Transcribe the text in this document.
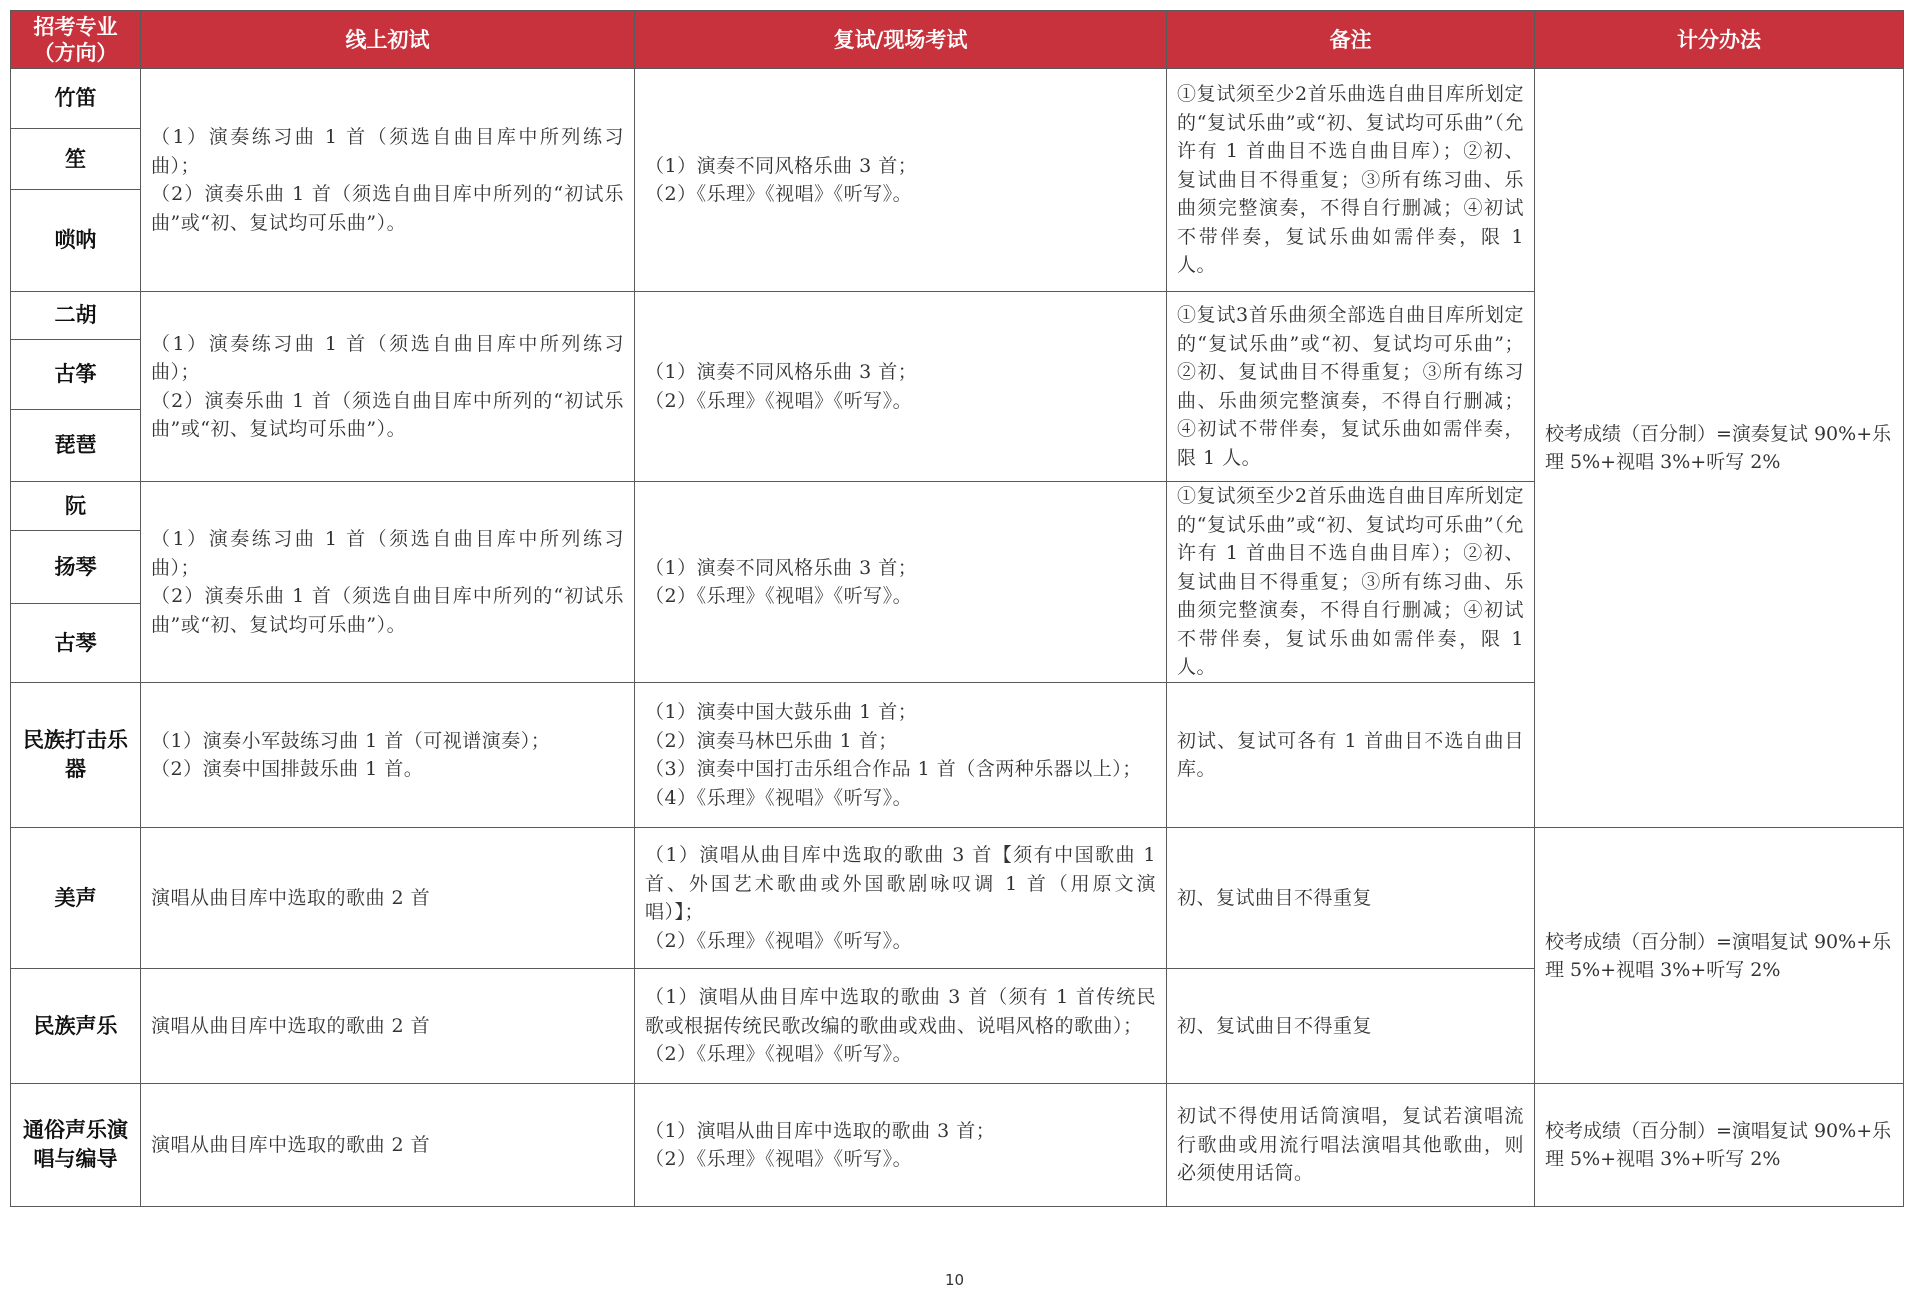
招考专业
（方向）	线上初试	复试/现场考试	备注	计分办法
竹笛	（1）演奏练习曲 1 首（须选自曲目库中所列练习曲）；
（2）演奏乐曲 1 首（须选自曲目库中所列的“初试乐曲”或“初、复试均可乐曲”）。	（1）演奏不同风格乐曲 3 首；
（2）《乐理》《视唱》《听写》。	①复试须至少2首乐曲选自曲目库所划定的“复试乐曲”或“初、复试均可乐曲”（允许有 1 首曲目不选自曲目库）；②初、复试曲目不得重复；③所有练习曲、乐曲须完整演奏，不得自行删减；④初试不带伴奏，复试乐曲如需伴奏，限 1 人。	校考成绩（百分制）=演奏复试 90%+乐理 5%+视唱 3%+听写 2%
笙				
唢呐				
二胡	（1）演奏练习曲 1 首（须选自曲目库中所列练习曲）；
（2）演奏乐曲 1 首（须选自曲目库中所列的“初试乐曲”或“初、复试均可乐曲”）。	（1）演奏不同风格乐曲 3 首；
（2）《乐理》《视唱》《听写》。	①复试3首乐曲须全部选自曲目库所划定的“复试乐曲”或“初、复试均可乐曲”；②初、复试曲目不得重复；③所有练习曲、乐曲须完整演奏，不得自行删减；④初试不带伴奏，复试乐曲如需伴奏，限 1 人。	

古筝				
琵琶				
阮	（1）演奏练习曲 1 首（须选自曲目库中所列练习曲）；
（2）演奏乐曲 1 首（须选自曲目库中所列的“初试乐曲”或“初、复试均可乐曲”）。	（1）演奏不同风格乐曲 3 首；
（2）《乐理》《视唱》《听写》。	①复试须至少2首乐曲选自曲目库所划定的“复试乐曲”或“初、复试均可乐曲”（允许有 1 首曲目不选自曲目库）；②初、复试曲目不得重复；③所有练习曲、乐曲须完整演奏，不得自行删减；④初试不带伴奏，复试乐曲如需伴奏，限 1 人。	

扬琴				
古琴				
民族打击乐器	（1）演奏小军鼓练习曲 1 首（可视谱演奏）；
（2）演奏中国排鼓乐曲 1 首。	（1）演奏中国大鼓乐曲 1 首；
（2）演奏马林巴乐曲 1 首；
（3）演奏中国打击乐组合作品 1 首（含两种乐器以上）；
（4）《乐理》《视唱》《听写》。	初试、复试可各有 1 首曲目不选自曲目库。	

美声	演唱从曲目库中选取的歌曲 2 首	（1）演唱从曲目库中选取的歌曲 3 首【须有中国歌曲 1 首、外国艺术歌曲或外国歌剧咏叹调 1 首（用原文演唱）】；
（2）《乐理》《视唱》《听写》。	初、复试曲目不得重复	校考成绩（百分制）=演唱复试 90%+乐理 5%+视唱 3%+听写 2%
民族声乐	演唱从曲目库中选取的歌曲 2 首	（1）演唱从曲目库中选取的歌曲 3 首（须有 1 首传统民歌或根据传统民歌改编的歌曲或戏曲、说唱风格的歌曲）；
（2）《乐理》《视唱》《听写》。	初、复试曲目不得重复	

通俗声乐演唱与编导	演唱从曲目库中选取的歌曲 2 首	（1）演唱从曲目库中选取的歌曲 3 首；
（2）《乐理》《视唱》《听写》。	初试不得使用话筒演唱，复试若演唱流行歌曲或用流行唱法演唱其他歌曲，则必须使用话筒。	校考成绩（百分制）=演唱复试 90%+乐理 5%+视唱 3%+听写 2%
10
